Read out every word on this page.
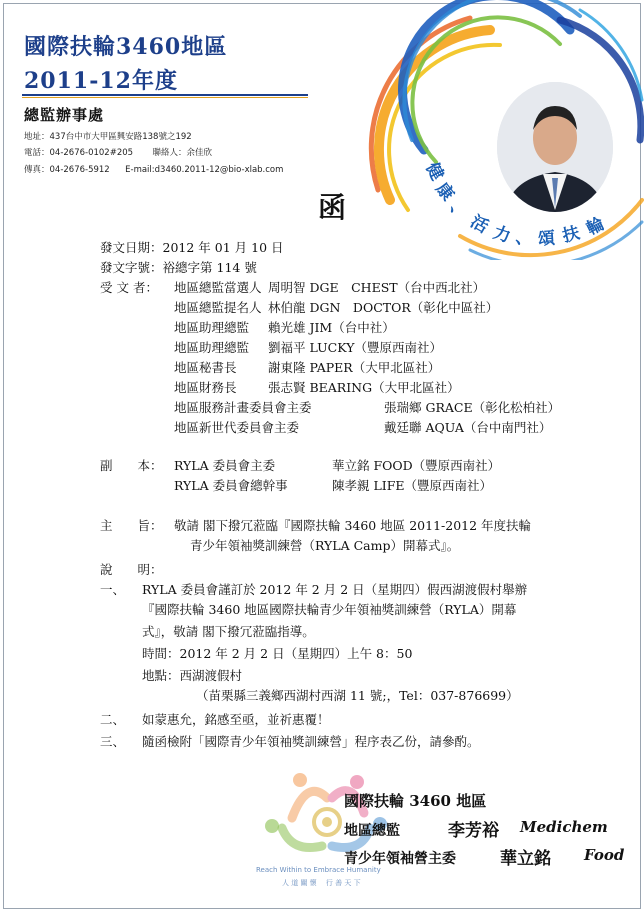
國際扶輪3460地區
2011-12年度
總監辦事處
地址：437台中市大甲區興安路138號之192
電話：04-2676-0102#205 聯絡人：余佳欣
傳真：04-2676-5912 E-mail:d3460.2011-12@bio-xlab.com	健
康
、
活
力 、 頌 扶 輪
函
發文日期：2012 年 01 月 10 日
發文字號：裕總字第 114 號
受 文 者： 地區總監當選人 周明智 DGE　CHEST（台中西北社）
地區總監提名人 林伯龍 DGN　DOCTOR（彰化中區社）
地區助理總監 賴光雄 JIM（台中社）
地區助理總監 劉福平 LUCKY（豐原西南社）
地區秘書長	謝東隆 PAPER（大甲北區社）
地區財務長	張志賢 BEARING（大甲北區社）
地區服務計畫委員會主委	張瑞鄉 GRACE（彰化松柏社）
地區新世代委員會主委	戴廷聯 AQUA（台中南門社）
副　　本： RYLA 委員會主委	華立銘 FOOD（豐原西南社）
RYLA 委員會總幹事	陳孝親 LIFE（豐原西南社）
主　　旨： 敬請 閣下撥冗蒞臨『國際扶輪 3460 地區 2011-2012 年度扶輪
青少年領袖獎訓練營（RYLA Camp）開幕式』。
說　　明：
一、 RYLA 委員會謹訂於 2012 年 2 月 2 日（星期四）假西湖渡假村舉辦
『國際扶輪 3460 地區國際扶輪青少年領袖獎訓練營（RYLA）開幕
式』，敬請 閣下撥冗蒞臨指導。
時間：2012 年 2 月 2 日（星期四）上午 8：50
地點：西湖渡假村
（苗栗縣三義鄉西湖村西湖 11 號;，Tel：037-876699）
二、 如蒙惠允，銘感至亟，並祈惠覆！
三、 隨函檢附「國際青少年領袖獎訓練營」程序表乙份，請參酌。
Reach Within to Embrace Humanity
人 道 關 懷　 行 善 天 下
國際扶輪 3460 地區
地區總監	李芳裕 Medichem
青少年領袖營主委	華立銘 Food
